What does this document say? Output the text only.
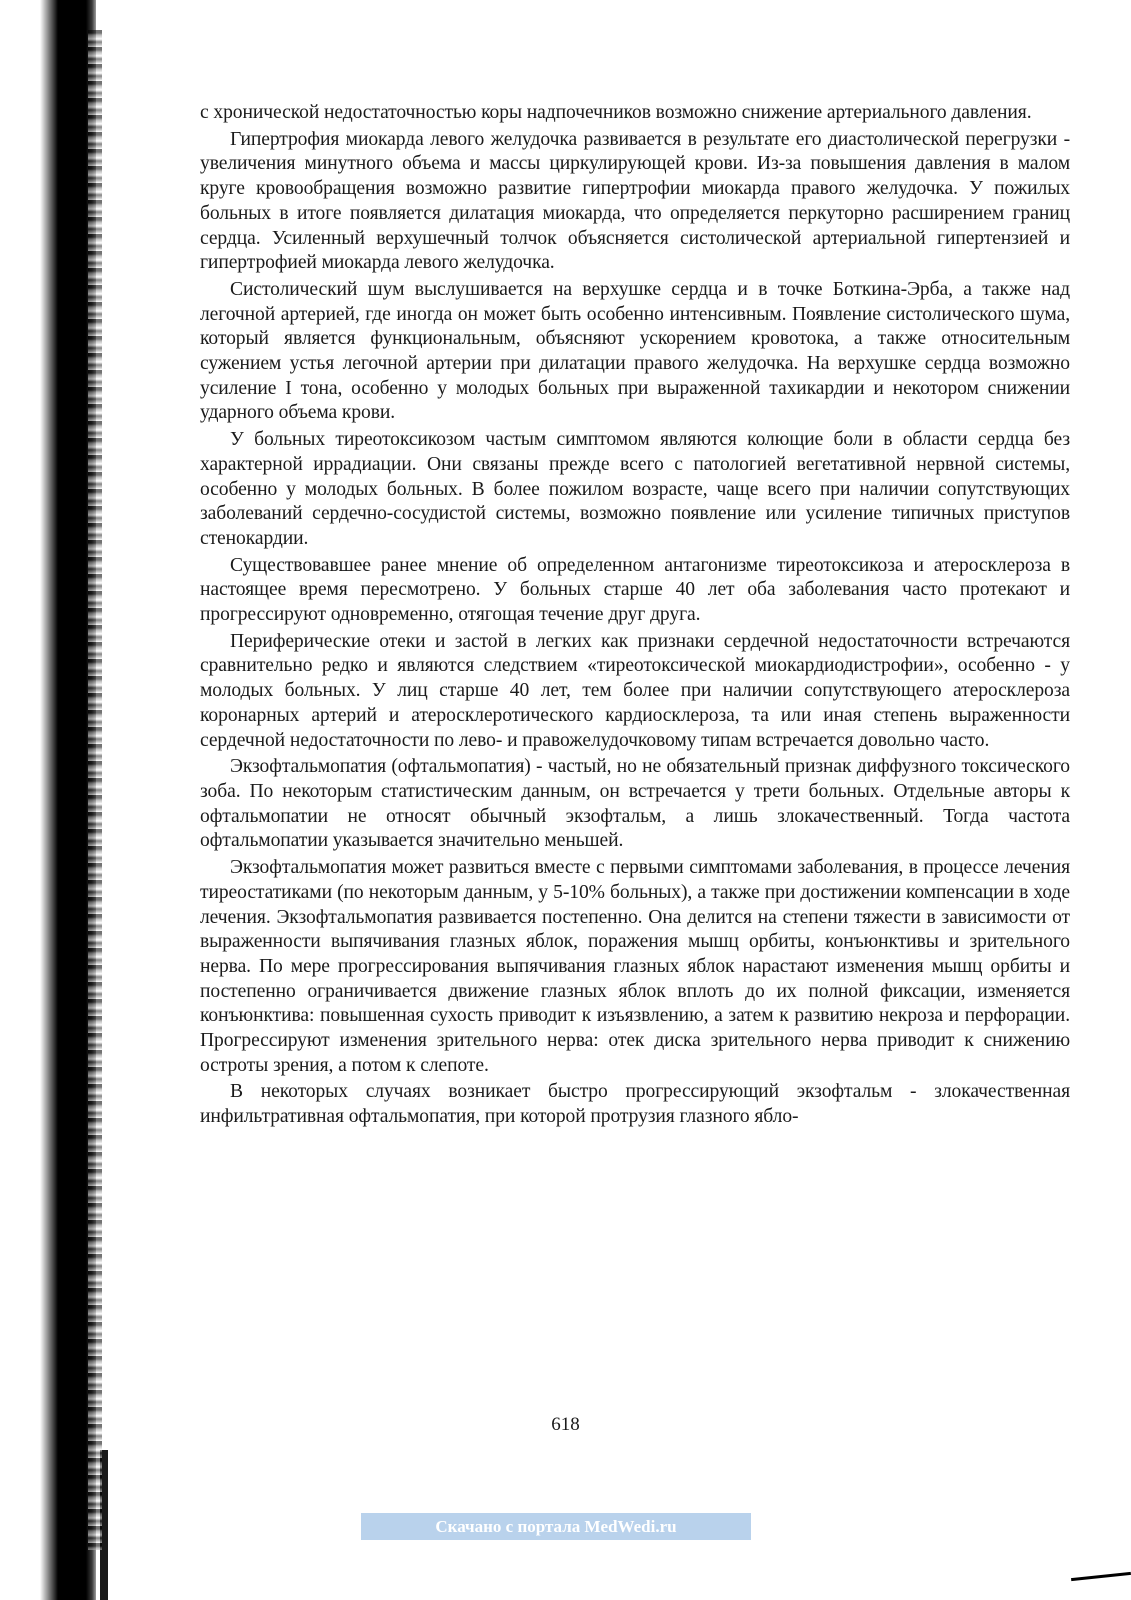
с хронической недостаточностью коры надпочечников возможно снижение артериального давления.

Гипертрофия миокарда левого желудочка развивается в результате его диастолической перегрузки - увеличения минутного объема и массы циркулирующей крови. Из-за повышения давления в малом круге кровообращения возможно развитие гипертрофии миокарда правого желудочка. У пожилых больных в итоге появляется дилатация миокарда, что определяется перкуторно расширением границ сердца. Усиленный верхушечный толчок объясняется систолической артериальной гипертензией и гипертрофией миокарда левого желудочка.

Систолический шум выслушивается на верхушке сердца и в точке Боткина-Эрба, а также над легочной артерией, где иногда он может быть особенно интенсивным. Появление систолического шума, который является функциональным, объясняют ускорением кровотока, а также относительным сужением устья легочной артерии при дилатации правого желудочка. На верхушке сердца возможно усиление I тона, особенно у молодых больных при выраженной тахикардии и некотором снижении ударного объема крови.

У больных тиреотоксикозом частым симптомом являются колющие боли в области сердца без характерной иррадиации. Они связаны прежде всего с патологией вегетативной нервной системы, особенно у молодых больных. В более пожилом возрасте, чаще всего при наличии сопутствующих заболеваний сердечно-сосудистой системы, возможно появление или усиление типичных приступов стенокардии.

Существовавшее ранее мнение об определенном антагонизме тиреотоксикоза и атеросклероза в настоящее время пересмотрено. У больных старше 40 лет оба заболевания часто протекают и прогрессируют одновременно, отягощая течение друг друга.

Периферические отеки и застой в легких как признаки сердечной недостаточности встречаются сравнительно редко и являются следствием «тиреотоксической миокардиодистрофии», особенно - у молодых больных. У лиц старше 40 лет, тем более при наличии сопутствующего атеросклероза коронарных артерий и атеросклеротического кардиосклероза, та или иная степень выраженности сердечной недостаточности по лево- и правожелудочковому типам встречается довольно часто.

Экзофтальмопатия (офтальмопатия) - частый, но не обязательный признак диффузного токсического зоба. По некоторым статистическим данным, он встречается у трети больных. Отдельные авторы к офтальмопатии не относят обычный экзофтальм, а лишь злокачественный. Тогда частота офтальмопатии указывается значительно меньшей.

Экзофтальмопатия может развиться вместе с первыми симптомами заболевания, в процессе лечения тиреостатиками (по некоторым данным, у 5-10% больных), а также при достижении компенсации в ходе лечения. Экзофтальмопатия развивается постепенно. Она делится на степени тяжести в зависимости от выраженности выпячивания глазных яблок, поражения мышц орбиты, конъюнктивы и зрительного нерва. По мере прогрессирования выпячивания глазных яблок нарастают изменения мышц орбиты и постепенно ограничивается движение глазных яблок вплоть до их полной фиксации, изменяется конъюнктива: повышенная сухость приводит к изъязвлению, а затем к развитию некроза и перфорации. Прогрессируют изменения зрительного нерва: отек диска зрительного нерва приводит к снижению остроты зрения, а потом к слепоте.

В некоторых случаях возникает быстро прогрессирующий экзофтальм - злокачественная инфильтративная офтальмопатия, при которой протрузия глазного ябло-

618
Скачано с портала MedWedi.ru
